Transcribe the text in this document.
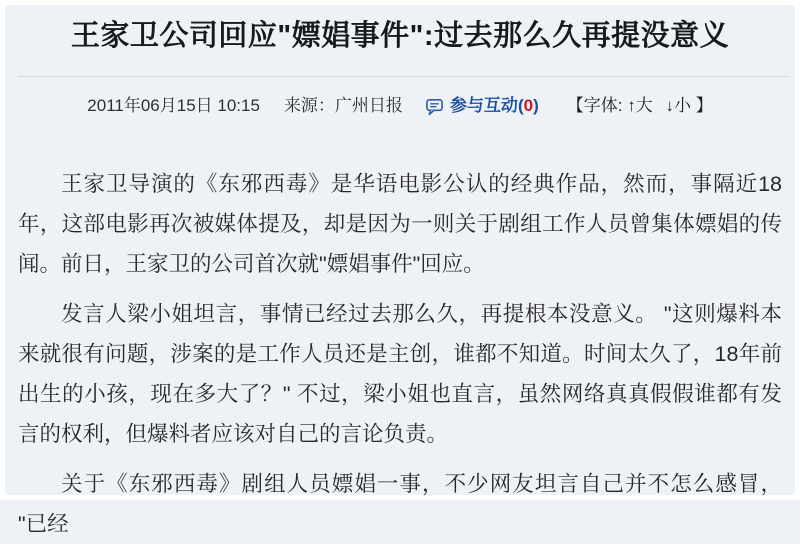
王家卫公司回应"嫖娼事件":过去那么久再提没意义
2011年06月15日 10:15 来源：广州日报	参与互动 ( 0 ) 【字体: ↑大 ↓小 】

王家卫导演的《东邪西毒》是华语电影公认的经典作品，然而，事隔近18年，这部电影再次被媒体提及，却是因为一则关于剧组工作人员曾集体嫖娼的传闻。前日，王家卫的公司首次就"嫖娼事件"回应。

发言人梁小姐坦言，事情已经过去那么久，再提根本没意义。 "这则爆料本来就很有问题，涉案的是工作人员还是主创，谁都不知道。时间太久了，18年前出生的小孩，现在多大了？" 不过，梁小姐也直言，虽然网络真真假假谁都有发言的权利，但爆料者应该对自己的言论负责。

关于《东邪西毒》剧组人员嫖娼一事，不少网友坦言自己并不怎么感冒， "已经
